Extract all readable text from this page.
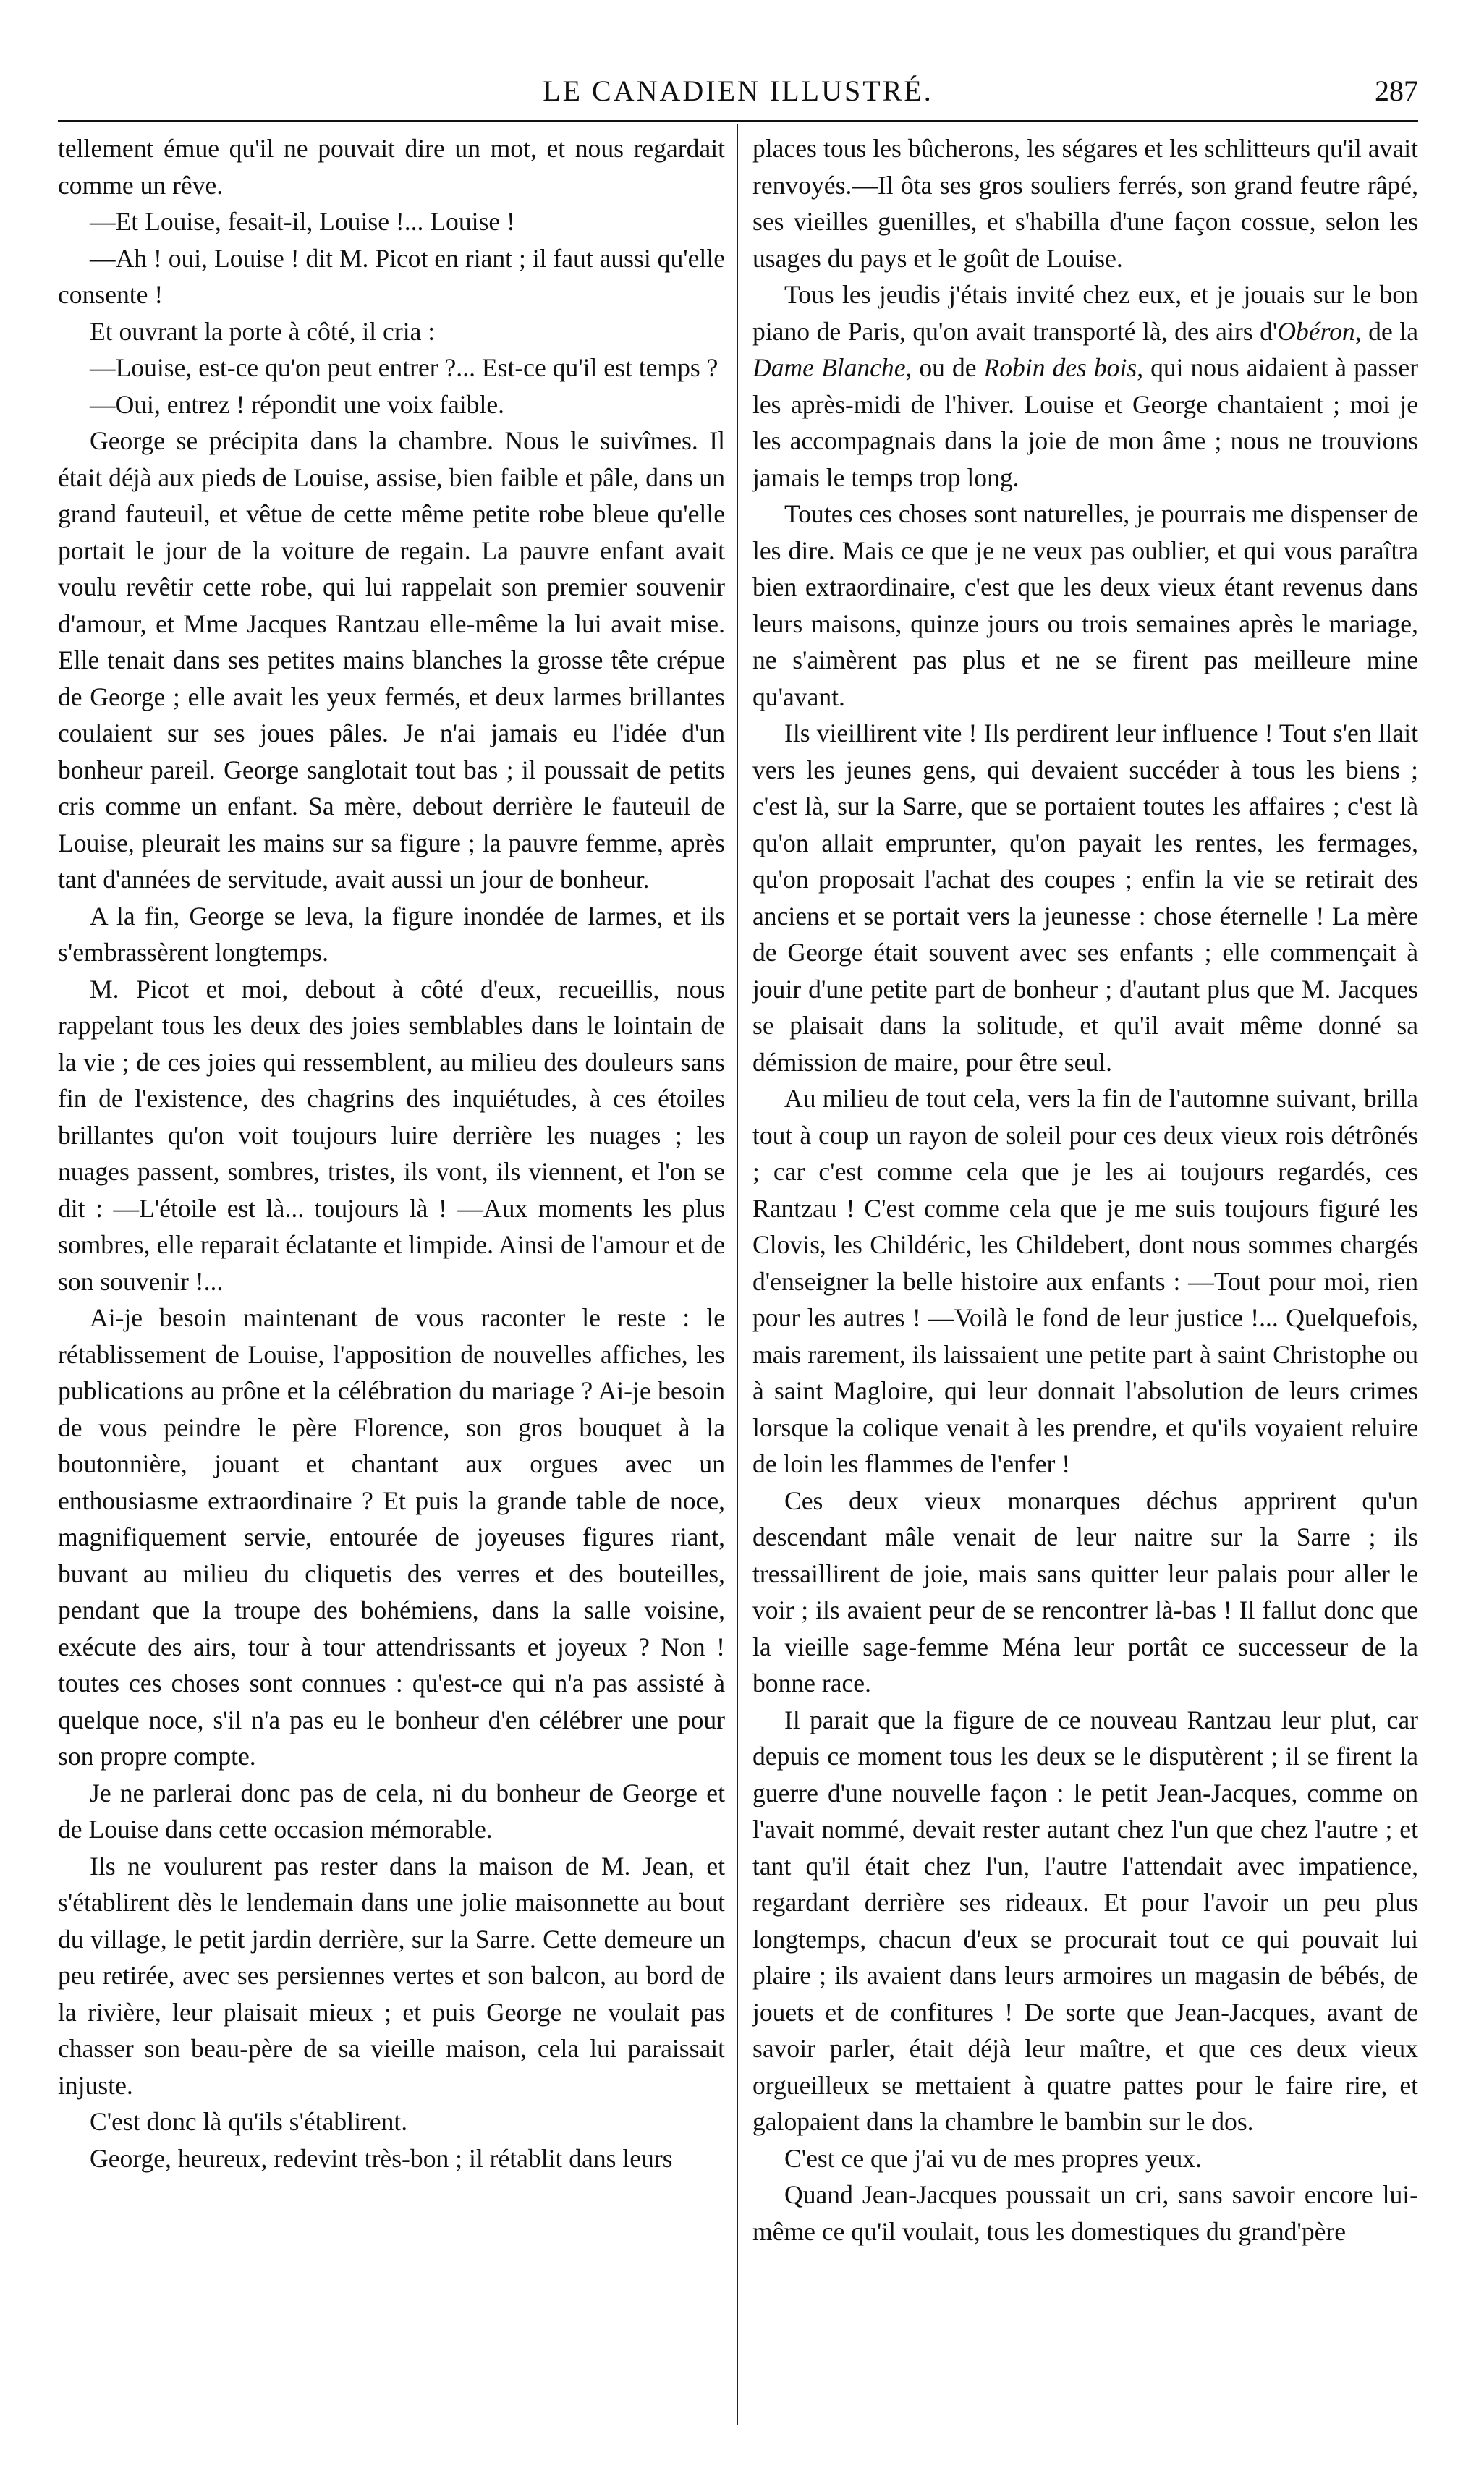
LE CANADIEN ILLUSTRÉ.	287

tellement émue qu'il ne pouvait dire un mot, et nous regardait comme un rêve.

—Et Louise, fesait-il, Louise !... Louise !

—Ah ! oui, Louise ! dit M. Picot en riant ; il faut aussi qu'elle consente !

Et ouvrant la porte à côté, il cria :

—Louise, est-ce qu'on peut entrer ?... Est-ce qu'il est temps ?

—Oui, entrez ! répondit une voix faible.

George se précipita dans la chambre. Nous le suivîmes. Il était déjà aux pieds de Louise, assise, bien faible et pâle, dans un grand fauteuil, et vêtue de cette même petite robe bleue qu'elle portait le jour de la voiture de regain. La pauvre enfant avait voulu revêtir cette robe, qui lui rappelait son premier souvenir d'amour, et Mme Jacques Rantzau elle-même la lui avait mise. Elle tenait dans ses petites mains blanches la grosse tête crépue de George ; elle avait les yeux fermés, et deux larmes brillantes coulaient sur ses joues pâles. Je n'ai jamais eu l'idée d'un bonheur pareil. George sanglotait tout bas ; il poussait de petits cris comme un enfant. Sa mère, debout derrière le fauteuil de Louise, pleurait les mains sur sa figure ; la pauvre femme, après tant d'années de servitude, avait aussi un jour de bonheur.

A la fin, George se leva, la figure inondée de larmes, et ils s'embrassèrent longtemps.

M. Picot et moi, debout à côté d'eux, recueillis, nous rappelant tous les deux des joies semblables dans le lointain de la vie ; de ces joies qui ressemblent, au milieu des douleurs sans fin de l'existence, des chagrins des inquiétudes, à ces étoiles brillantes qu'on voit toujours luire derrière les nuages ; les nuages passent, sombres, tristes, ils vont, ils viennent, et l'on se dit : —L'étoile est là... toujours là ! —Aux moments les plus sombres, elle reparait éclatante et limpide. Ainsi de l'amour et de son souvenir !...

Ai-je besoin maintenant de vous raconter le reste : le rétablissement de Louise, l'apposition de nouvelles affiches, les publications au prône et la célébration du mariage ? Ai-je besoin de vous peindre le père Florence, son gros bouquet à la boutonnière, jouant et chantant aux orgues avec un enthousiasme extraordinaire ? Et puis la grande table de noce, magnifiquement servie, entourée de joyeuses figures riant, buvant au milieu du cliquetis des verres et des bouteilles, pendant que la troupe des bohémiens, dans la salle voisine, exécute des airs, tour à tour attendrissants et joyeux ? Non ! toutes ces choses sont connues : qu'est-ce qui n'a pas assisté à quelque noce, s'il n'a pas eu le bonheur d'en célébrer une pour son propre compte.

Je ne parlerai donc pas de cela, ni du bonheur de George et de Louise dans cette occasion mémorable.

Ils ne voulurent pas rester dans la maison de M. Jean, et s'établirent dès le lendemain dans une jolie maisonnette au bout du village, le petit jardin derrière, sur la Sarre. Cette demeure un peu retirée, avec ses persiennes vertes et son balcon, au bord de la rivière, leur plaisait mieux ; et puis George ne voulait pas chasser son beau-père de sa vieille maison, cela lui paraissait injuste.

C'est donc là qu'ils s'établirent.

George, heureux, redevint très-bon ; il rétablit dans leurs

places tous les bûcherons, les ségares et les schlitteurs qu'il avait renvoyés.—Il ôta ses gros souliers ferrés, son grand feutre râpé, ses vieilles guenilles, et s'habilla d'une façon cossue, selon les usages du pays et le goût de Louise.

Tous les jeudis j'étais invité chez eux, et je jouais sur le bon piano de Paris, qu'on avait transporté là, des airs d'Obéron, de la Dame Blanche, ou de Robin des bois, qui nous aidaient à passer les après-midi de l'hiver. Louise et George chantaient ; moi je les accompagnais dans la joie de mon âme ; nous ne trouvions jamais le temps trop long.

Toutes ces choses sont naturelles, je pourrais me dispenser de les dire. Mais ce que je ne veux pas oublier, et qui vous paraîtra bien extraordinaire, c'est que les deux vieux étant revenus dans leurs maisons, quinze jours ou trois semaines après le mariage, ne s'aimèrent pas plus et ne se firent pas meilleure mine qu'avant.

Ils vieillirent vite ! Ils perdirent leur influence ! Tout s'en llait vers les jeunes gens, qui devaient succéder à tous les biens ; c'est là, sur la Sarre, que se portaient toutes les affaires ; c'est là qu'on allait emprunter, qu'on payait les rentes, les fermages, qu'on proposait l'achat des coupes ; enfin la vie se retirait des anciens et se portait vers la jeunesse : chose éternelle ! La mère de George était souvent avec ses enfants ; elle commençait à jouir d'une petite part de bonheur ; d'autant plus que M. Jacques se plaisait dans la solitude, et qu'il avait même donné sa démission de maire, pour être seul.

Au milieu de tout cela, vers la fin de l'automne suivant, brilla tout à coup un rayon de soleil pour ces deux vieux rois détrônés ; car c'est comme cela que je les ai toujours regardés, ces Rantzau ! C'est comme cela que je me suis toujours figuré les Clovis, les Childéric, les Childebert, dont nous sommes chargés d'enseigner la belle histoire aux enfants : —Tout pour moi, rien pour les autres ! —Voilà le fond de leur justice !... Quelquefois, mais rarement, ils laissaient une petite part à saint Christophe ou à saint Magloire, qui leur donnait l'absolution de leurs crimes lorsque la colique venait à les prendre, et qu'ils voyaient reluire de loin les flammes de l'enfer !

Ces deux vieux monarques déchus apprirent qu'un descendant mâle venait de leur naitre sur la Sarre ; ils tressaillirent de joie, mais sans quitter leur palais pour aller le voir ; ils avaient peur de se rencontrer là-bas ! Il fallut donc que la vieille sage-femme Ména leur portât ce successeur de la bonne race.

Il parait que la figure de ce nouveau Rantzau leur plut, car depuis ce moment tous les deux se le disputèrent ; il se firent la guerre d'une nouvelle façon : le petit Jean-Jacques, comme on l'avait nommé, devait rester autant chez l'un que chez l'autre ; et tant qu'il était chez l'un, l'autre l'attendait avec impatience, regardant derrière ses rideaux. Et pour l'avoir un peu plus longtemps, chacun d'eux se procurait tout ce qui pouvait lui plaire ; ils avaient dans leurs armoires un magasin de bébés, de jouets et de confitures ! De sorte que Jean-Jacques, avant de savoir parler, était déjà leur maître, et que ces deux vieux orgueilleux se mettaient à quatre pattes pour le faire rire, et galopaient dans la chambre le bambin sur le dos.

C'est ce que j'ai vu de mes propres yeux.

Quand Jean-Jacques poussait un cri, sans savoir encore lui-même ce qu'il voulait, tous les domestiques du grand'père
